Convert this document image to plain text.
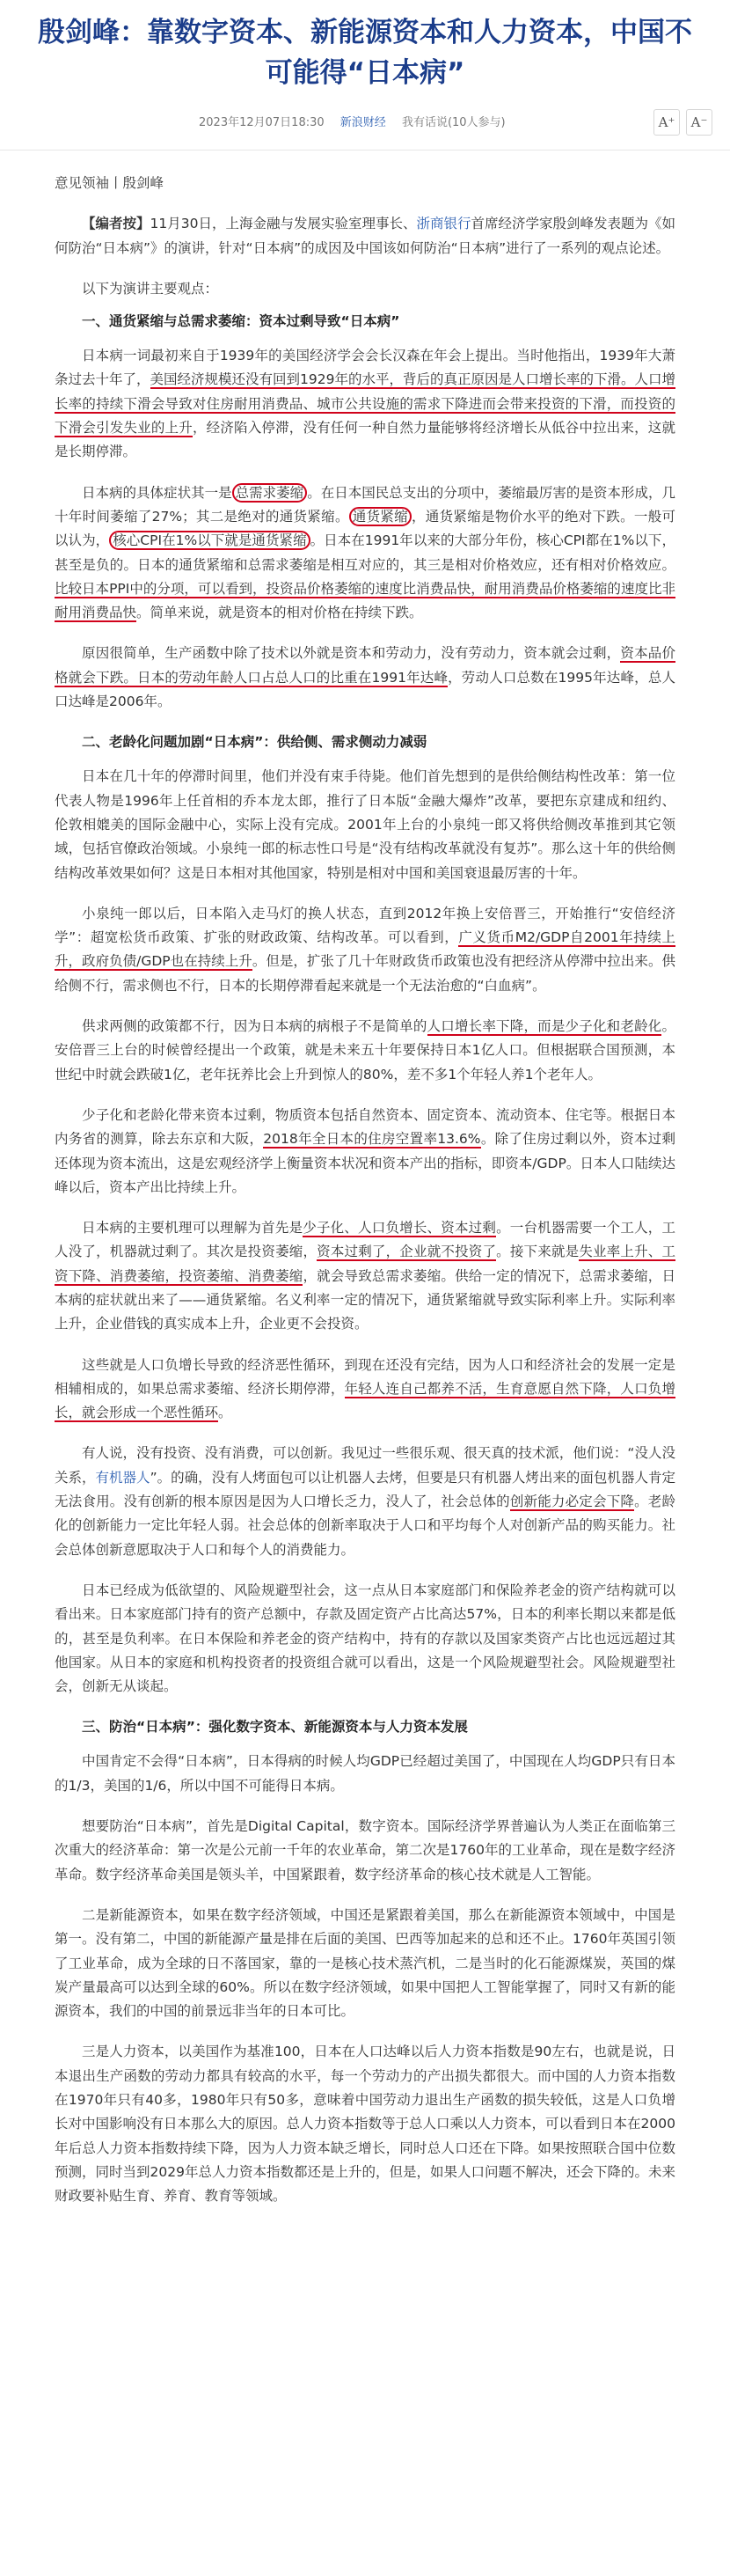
殷剑峰：靠数字资本、新能源资本和人力资本，中国不可能得“日本病”
2023年12月07日18:30 新浪财经 我有话说(10人参与)	A⁺	A⁻

意见领袖丨殷剑峰

【编者按】11月30日，上海金融与发展实验室理事长、浙商银行首席经济学家殷剑峰发表题为《如何防治“日本病”》的演讲，针对“日本病”的成因及中国该如何防治“日本病”进行了一系列的观点论述。

以下为演讲主要观点：

一、通货紧缩与总需求萎缩：资本过剩导致“日本病”

日本病一词最初来自于1939年的美国经济学会会长汉森在年会上提出。当时他指出，1939年大萧条过去十年了，美国经济规模还没有回到1929年的水平，背后的真正原因是人口增长率的下滑。人口增长率的持续下滑会导致对住房耐用消费品、城市公共设施的需求下降进而会带来投资的下滑，而投资的下滑会引发失业的上升，经济陷入停滞，没有任何一种自然力量能够将经济增长从低谷中拉出来，这就是长期停滞。

日本病的具体症状其一是 总需求萎缩 。在日本国民总支出的分项中，萎缩最厉害的是资本形成，几十年时间萎缩了27%；其二是绝对的通货紧缩。 通货紧缩 ，通货紧缩是物价水平的绝对下跌。一般可以认为， 核心CPI在1%以下就是通货紧缩 。日本在1991年以来的大部分年份，核心CPI都在1%以下，甚至是负的。日本的通货紧缩和总需求萎缩是相互对应的，其三是相对价格效应，还有相对价格效应。比较日本PPI中的分项，可以看到，投资品价格萎缩的速度比消费品快，耐用消费品价格萎缩的速度比非耐用消费品快。简单来说，就是资本的相对价格在持续下跌。

原因很简单，生产函数中除了技术以外就是资本和劳动力，没有劳动力，资本就会过剩，资本品价格就会下跌。日本的劳动年龄人口占总人口的比重在1991年达峰，劳动人口总数在1995年达峰，总人口达峰是2006年。

二、老龄化问题加剧“日本病”：供给侧、需求侧动力减弱

日本在几十年的停滞时间里，他们并没有束手待毙。他们首先想到的是供给侧结构性改革：第一位代表人物是1996年上任首相的乔本龙太郎，推行了日本版“金融大爆炸”改革，要把东京建成和纽约、伦敦相媲美的国际金融中心，实际上没有完成。2001年上台的小泉纯一郎又将供给侧改革推到其它领域，包括官僚政治领域。小泉纯一郎的标志性口号是“没有结构改革就没有复苏”。那么这十年的供给侧结构改革效果如何？这是日本相对其他国家，特别是相对中国和美国衰退最厉害的十年。

小泉纯一郎以后，日本陷入走马灯的换人状态，直到2012年换上安倍晋三，开始推行“安倍经济学”：超宽松货币政策、扩张的财政政策、结构改革。可以看到，广义货币M2/GDP自2001年持续上升，政府负债/GDP也在持续上升。但是，扩张了几十年财政货币政策也没有把经济从停滞中拉出来。供给侧不行，需求侧也不行，日本的长期停滞看起来就是一个无法治愈的“白血病”。

供求两侧的政策都不行，因为日本病的病根子不是简单的人口增长率下降，而是少子化和老龄化。安倍晋三上台的时候曾经提出一个政策，就是未来五十年要保持日本1亿人口。但根据联合国预测，本世纪中时就会跌破1亿，老年抚养比会上升到惊人的80%，差不多1个年轻人养1个老年人。

少子化和老龄化带来资本过剩，物质资本包括自然资本、固定资本、流动资本、住宅等。根据日本内务省的测算，除去东京和大阪，2018年全日本的住房空置率13.6%。除了住房过剩以外，资本过剩还体现为资本流出，这是宏观经济学上衡量资本状况和资本产出的指标，即资本/GDP。日本人口陆续达峰以后，资本产出比持续上升。

日本病的主要机理可以理解为首先是少子化、人口负增长、资本过剩。一台机器需要一个工人，工人没了，机器就过剩了。其次是投资萎缩，资本过剩了，企业就不投资了。接下来就是失业率上升、工资下降、消费萎缩，投资萎缩、消费萎缩，就会导致总需求萎缩。供给一定的情况下，总需求萎缩，日本病的症状就出来了——通货紧缩。名义利率一定的情况下，通货紧缩就导致实际利率上升。实际利率上升，企业借钱的真实成本上升，企业更不会投资。

这些就是人口负增长导致的经济恶性循环，到现在还没有完结，因为人口和经济社会的发展一定是相辅相成的，如果总需求萎缩、经济长期停滞，年轻人连自己都养不活，生育意愿自然下降，人口负增长，就会形成一个恶性循环。

有人说，没有投资、没有消费，可以创新。我见过一些很乐观、很天真的技术派，他们说：“没人没关系，有机器人”。的确，没有人烤面包可以让机器人去烤，但要是只有机器人烤出来的面包机器人肯定无法食用。没有创新的根本原因是因为人口增长乏力，没人了，社会总体的创新能力必定会下降。老龄化的创新能力一定比年轻人弱。社会总体的创新率取决于人口和平均每个人对创新产品的购买能力。社会总体创新意愿取决于人口和每个人的消费能力。

日本已经成为低欲望的、风险规避型社会，这一点从日本家庭部门和保险养老金的资产结构就可以看出来。日本家庭部门持有的资产总额中，存款及固定资产占比高达57%，日本的利率长期以来都是低的，甚至是负利率。在日本保险和养老金的资产结构中，持有的存款以及国家类资产占比也远远超过其他国家。从日本的家庭和机构投资者的投资组合就可以看出，这是一个风险规避型社会。风险规避型社会，创新无从谈起。

三、防治“日本病”：强化数字资本、新能源资本与人力资本发展

中国肯定不会得“日本病”，日本得病的时候人均GDP已经超过美国了，中国现在人均GDP只有日本的1/3，美国的1/6，所以中国不可能得日本病。

想要防治“日本病”，首先是Digital Capital，数字资本。国际经济学界普遍认为人类正在面临第三次重大的经济革命：第一次是公元前一千年的农业革命，第二次是1760年的工业革命，现在是数字经济革命。数字经济革命美国是领头羊，中国紧跟着，数字经济革命的核心技术就是人工智能。

二是新能源资本，如果在数字经济领域，中国还是紧跟着美国，那么在新能源资本领域中，中国是第一。没有第二，中国的新能源产量是排在后面的美国、巴西等加起来的总和还不止。1760年英国引领了工业革命，成为全球的日不落国家，靠的一是核心技术蒸汽机，二是当时的化石能源煤炭，英国的煤炭产量最高可以达到全球的60%。所以在数字经济领域，如果中国把人工智能掌握了，同时又有新的能源资本，我们的中国的前景远非当年的日本可比。

三是人力资本，以美国作为基准100，日本在人口达峰以后人力资本指数是90左右，也就是说，日本退出生产函数的劳动力都具有较高的水平，每一个劳动力的产出损失都很大。而中国的人力资本指数在1970年只有40多，1980年只有50多，意味着中国劳动力退出生产函数的损失较低，这是人口负增长对中国影响没有日本那么大的原因。总人力资本指数等于总人口乘以人力资本，可以看到日本在2000年后总人力资本指数持续下降，因为人力资本缺乏增长，同时总人口还在下降。如果按照联合国中位数预测，同时当到2029年总人力资本指数都还是上升的，但是，如果人口问题不解决，还会下降的。未来财政要补贴生育、养育、教育等领域。
